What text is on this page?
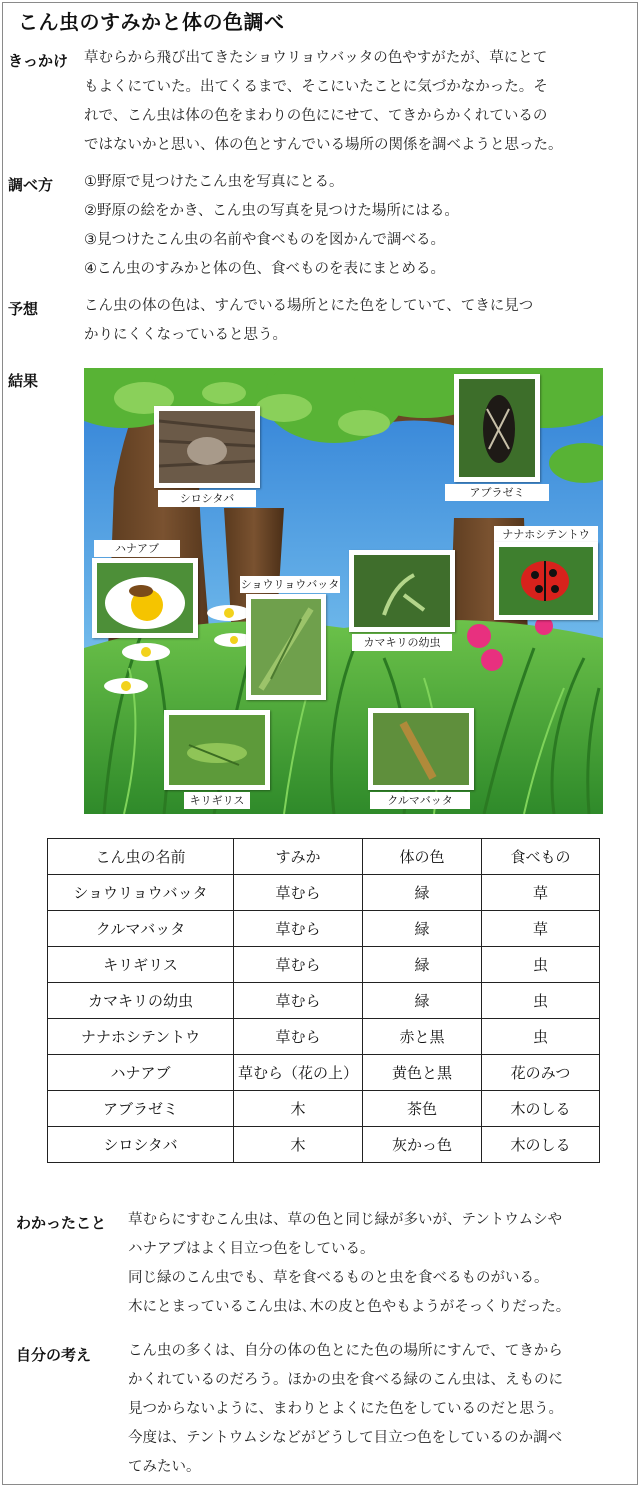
こん虫のすみかと体の色調べ
きっかけ 草むらから飛び出てきたショウリョウバッタの色やすがたが、草にとて
もよくにていた。出てくるまで、そこにいたことに気づかなかった。そ
れで、こん虫は体の色をまわりの色ににせて、てきからかくれているの
ではないかと思い、体の色とすんでいる場所の関係を調べようと思った。
調べ方 ①野原で見つけたこん虫を写真にとる。
②野原の絵をかき、こん虫の写真を見つけた場所にはる。
③見つけたこん虫の名前や食べものを図かんで調べる。
④こん虫のすみかと体の色、食べものを表にまとめる。
予想	こん虫の体の色は、すんでいる場所とにた色をしていて、てきに見つ
かりにくくなっていると思う。
結果
シロシタバ	アブラゼミ
ハナアブ
ショウリョウバッタ
カマキリの幼虫
ナナホシテントウ
キリギリス	クルマバッタ
こん虫の名前	すみか	体の色	食べもの
ショウリョウバッタ	草むら	緑	草
クルマバッタ	草むら	緑	草
キリギリス	草むら	緑	虫
カマキリの幼虫	草むら	緑	虫
ナナホシテントウ	草むら	赤と黒	虫
ハナアブ	草むら（花の上）	黄色と黒	花のみつ
アブラゼミ	木	茶色	木のしる
シロシタバ	木	灰かっ色	木のしる
わかったこと 草むらにすむこん虫は、草の色と同じ緑が多いが、テントウムシや
ハナアブはよく目立つ色をしている。
同じ緑のこん虫でも、草を食べるものと虫を食べるものがいる。
木にとまっているこん虫は､木の皮と色やもようがそっくりだった。
自分の考え	こん虫の多くは、自分の体の色とにた色の場所にすんで、てきから
かくれているのだろう。ほかの虫を食べる緑のこん虫は、えものに
見つからないように、まわりとよくにた色をしているのだと思う。
今度は、テントウムシなどがどうして目立つ色をしているのか調べ
てみたい。
